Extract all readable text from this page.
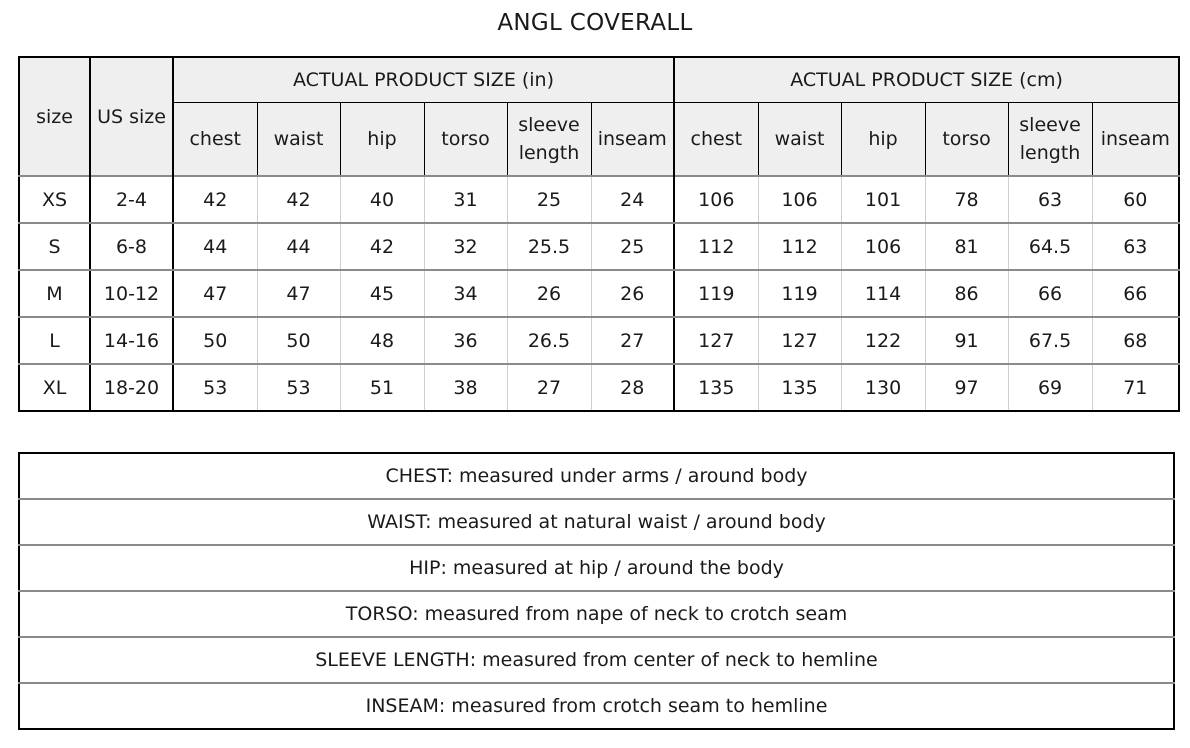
ANGL COVERALL
size	US size	ACTUAL PRODUCT SIZE (in)						ACTUAL PRODUCT SIZE (cm)					
		chest	waist	hip	torso	sleeve length	inseam	chest	waist	hip	torso	sleeve length	inseam
XS	2-4	42	42	40	31	25	24	106	106	101	78	63	60
S	6-8	44	44	42	32	25.5	25	112	112	106	81	64.5	63
M	10-12	47	47	45	34	26	26	119	119	114	86	66	66
L	14-16	50	50	48	36	26.5	27	127	127	122	91	67.5	68
XL	18-20	53	53	51	38	27	28	135	135	130	97	69	71
CHEST: measured under arms / around body
WAIST: measured at natural waist / around body
HIP: measured at hip / around the body
TORSO: measured from nape of neck to crotch seam
SLEEVE LENGTH: measured from center of neck to hemline
INSEAM: measured from crotch seam to hemline
